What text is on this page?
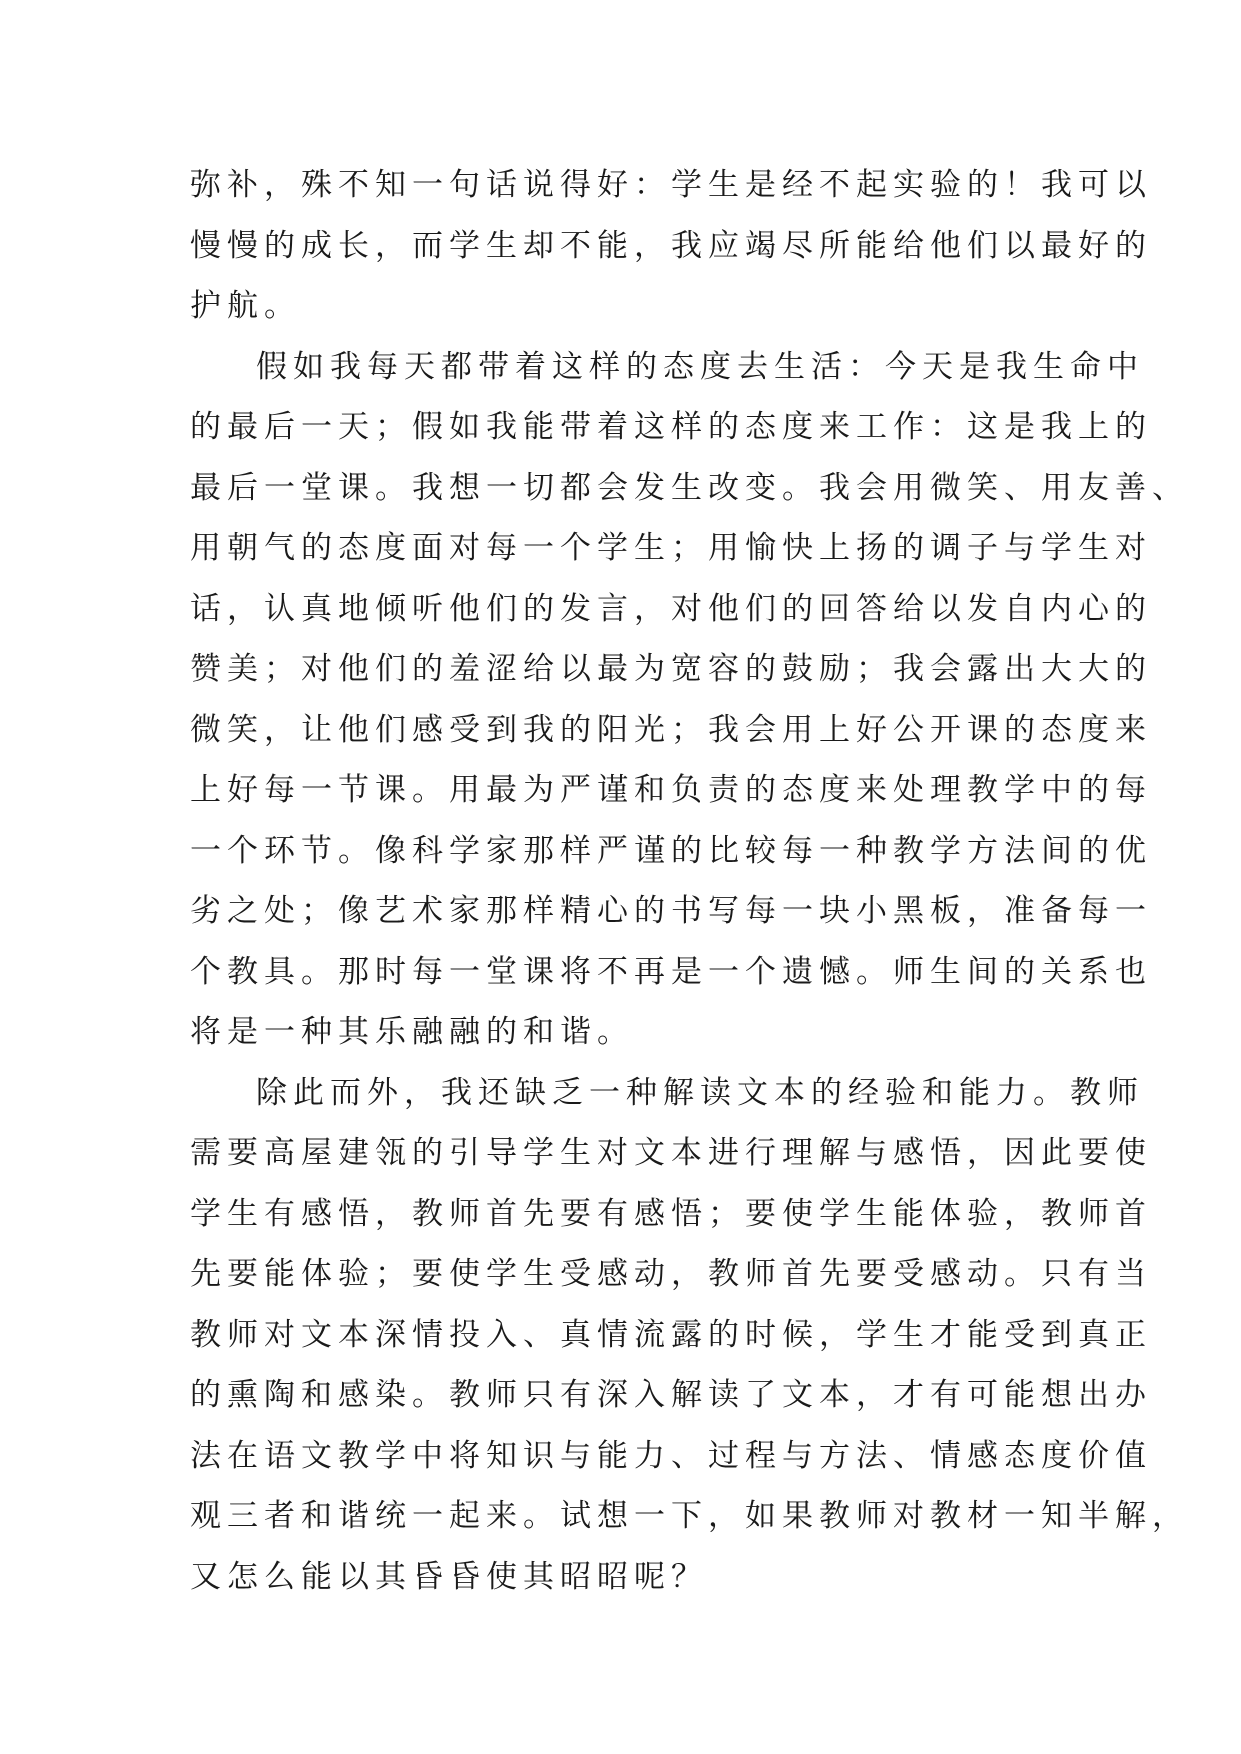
弥补，殊不知一句话说得好：学生是经不起实验的！我可以
慢慢的成长，而学生却不能，我应竭尽所能给他们以最好的
护航。
假如我每天都带着这样的态度去生活：今天是我生命中
的最后一天；假如我能带着这样的态度来工作：这是我上的
最后一堂课。我想一切都会发生改变。我会用微笑、用友善、
用朝气的态度面对每一个学生；用愉快上扬的调子与学生对
话，认真地倾听他们的发言，对他们的回答给以发自内心的
赞美；对他们的羞涩给以最为宽容的鼓励；我会露出大大的
微笑，让他们感受到我的阳光；我会用上好公开课的态度来
上好每一节课。用最为严谨和负责的态度来处理教学中的每
一个环节。像科学家那样严谨的比较每一种教学方法间的优
劣之处；像艺术家那样精心的书写每一块小黑板，准备每一
个教具。那时每一堂课将不再是一个遗憾。师生间的关系也
将是一种其乐融融的和谐。
除此而外，我还缺乏一种解读文本的经验和能力。教师
需要高屋建瓴的引导学生对文本进行理解与感悟，因此要使
学生有感悟，教师首先要有感悟；要使学生能体验，教师首
先要能体验；要使学生受感动，教师首先要受感动。只有当
教师对文本深情投入、真情流露的时候，学生才能受到真正
的熏陶和感染。教师只有深入解读了文本，才有可能想出办
法在语文教学中将知识与能力、过程与方法、情感态度价值
观三者和谐统一起来。试想一下，如果教师对教材一知半解，
又怎么能以其昏昏使其昭昭呢？
